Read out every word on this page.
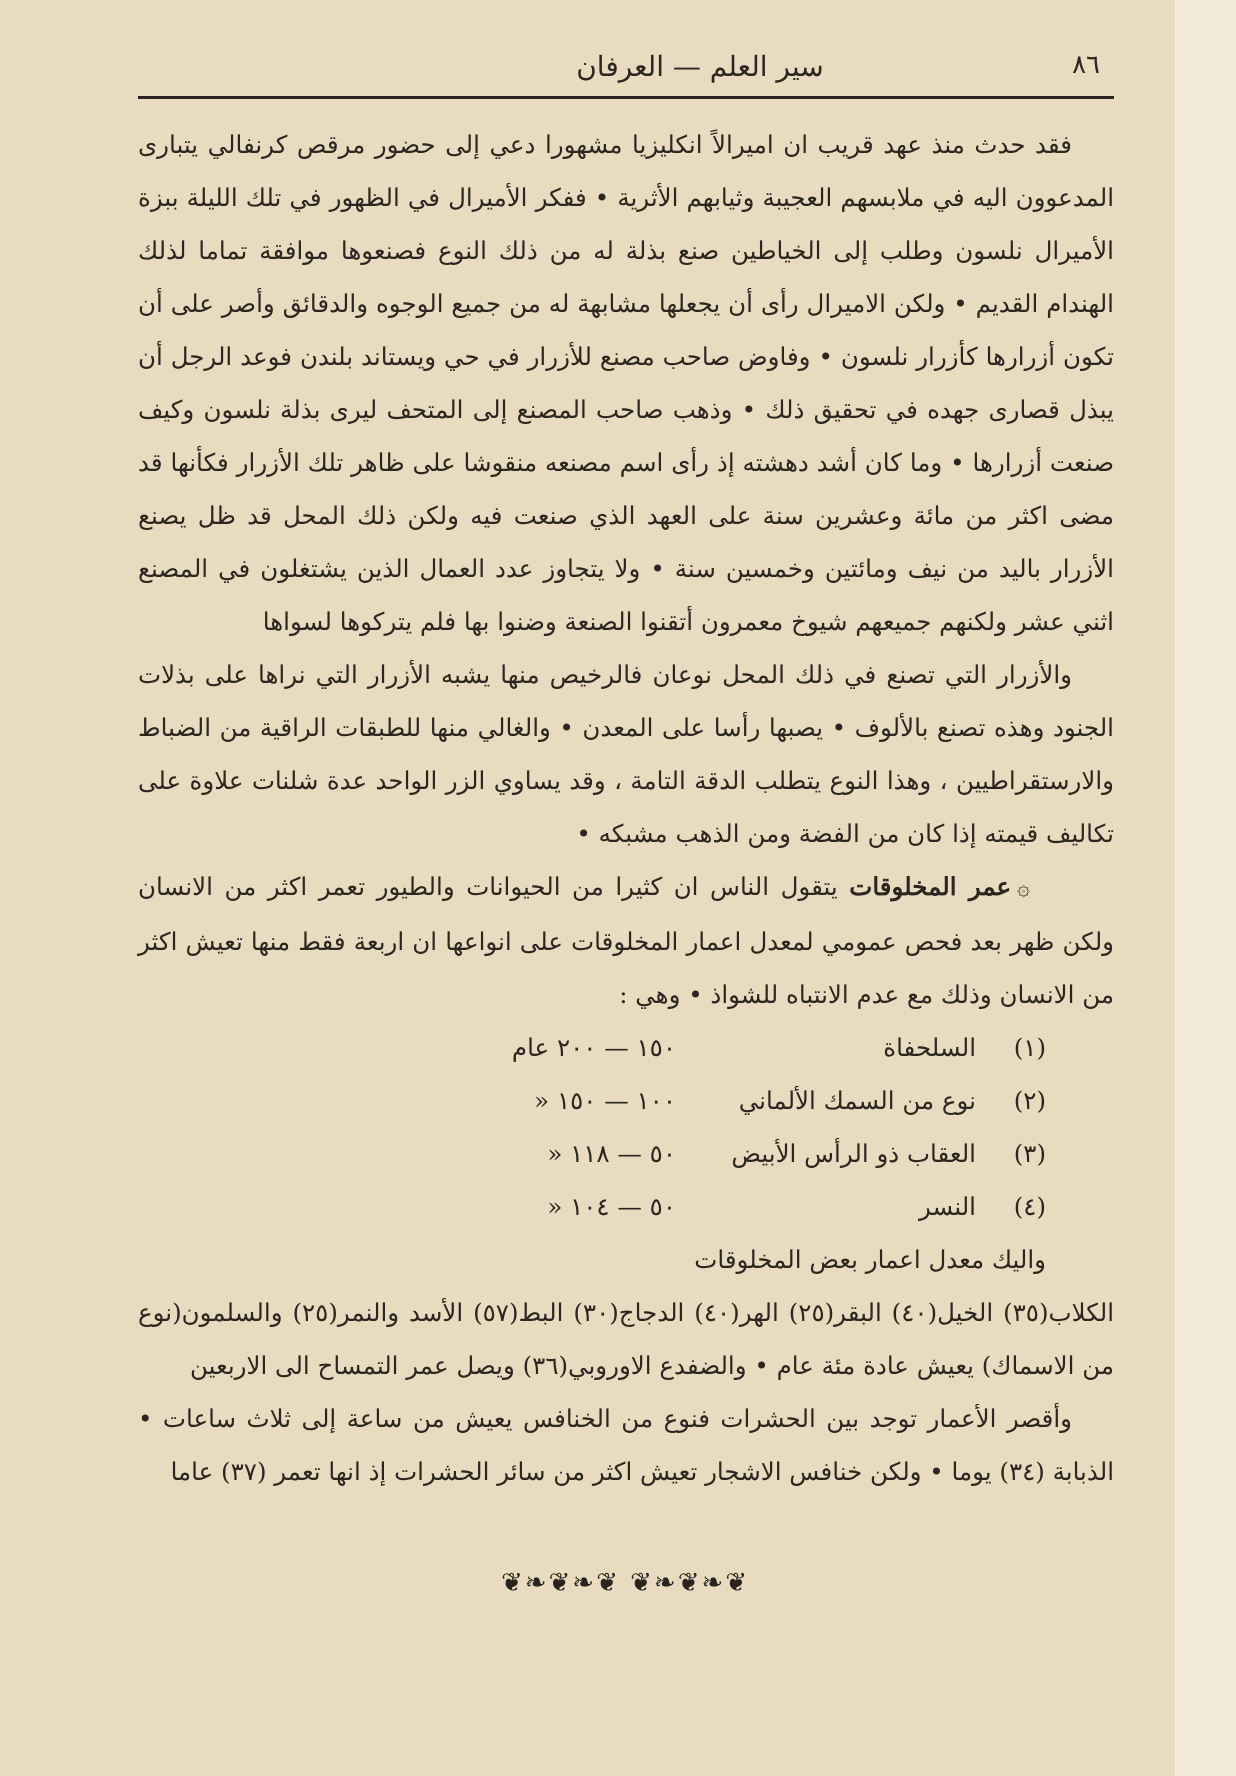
سير العلم — العرفان	٨٦

فقد حدث منذ عهد قريب ان اميرالاً انكليزيا مشهورا دعي إلى حضور مرقص كرنفالي يتبارى المدعوون اليه في ملابسهم العجيبة وثيابهم الأثرية • ففكر الأميرال في الظهور في تلك الليلة ببزة الأميرال نلسون وطلب إلى الخياطين صنع بذلة له من ذلك النوع فصنعوها موافقة تماما لذلك الهندام القديم • ولكن الاميرال رأى أن يجعلها مشابهة له من جميع الوجوه والدقائق وأصر على أن تكون أزرارها كأزرار نلسون • وفاوض صاحب مصنع للأزرار في حي ويستاند بلندن فوعد الرجل أن يبذل قصارى جهده في تحقيق ذلك • وذهب صاحب المصنع إلى المتحف ليرى بذلة نلسون وكيف صنعت أزرارها • وما كان أشد دهشته إذ رأى اسم مصنعه منقوشا على ظاهر تلك الأزرار فكأنها قد مضى اكثر من مائة وعشرين سنة على العهد الذي صنعت فيه ولكن ذلك المحل قد ظل يصنع الأزرار باليد من نيف ومائتين وخمسين سنة • ولا يتجاوز عدد العمال الذين يشتغلون في المصنع اثني عشر ولكنهم جميعهم شيوخ معمرون أتقنوا الصنعة وضنوا بها فلم يتركوها لسواها

والأزرار التي تصنع في ذلك المحل نوعان فالرخيص منها يشبه الأزرار التي نراها على بذلات الجنود وهذه تصنع بالألوف • يصبها رأسا على المعدن • والغالي منها للطبقات الراقية من الضباط والارستقراطيين ، وهذا النوع يتطلب الدقة التامة ، وقد يساوي الزر الواحد عدة شلنات علاوة على تكاليف قيمته إذا كان من الفضة ومن الذهب مشبكه •

۞عمر المخلوقات يتقول الناس ان كثيرا من الحيوانات والطيور تعمر اكثر من الانسان ولكن ظهر بعد فحص عمومي لمعدل اعمار المخلوقات على انواعها ان اربعة فقط منها تعيش اكثر من الانسان وذلك مع عدم الانتباه للشواذ • وهي :

(١)
السلحفاة
١٥٠ — ٢٠٠ عام
(٢)
نوع من السمك الألماني
١٠٠ — ١٥٠ «
(٣)
العقاب ذو الرأس الأبيض
٥٠ — ١١٨ «
(٤)
النسر
٥٠ — ١٠٤ «

واليك معدل اعمار بعض المخلوقات

الكلاب(٣٥) الخيل(٤٠) البقر(٢٥) الهر(٤٠) الدجاج(٣٠) البط(٥٧) الأسد والنمر(٢٥) والسلمون(نوع من الاسماك) يعيش عادة مئة عام • والضفدع الاوروبي(٣٦) ويصل عمر التمساح الى الاربعين

وأقصر الأعمار توجد بين الحشرات فنوع من الخنافس يعيش من ساعة إلى ثلاث ساعات • الذبابة (٣٤) يوما • ولكن خنافس الاشجار تعيش اكثر من سائر الحشرات إذ انها تعمر (٣٧) عاما

❦❧❦❧❦ ❦❧❦❧❦
